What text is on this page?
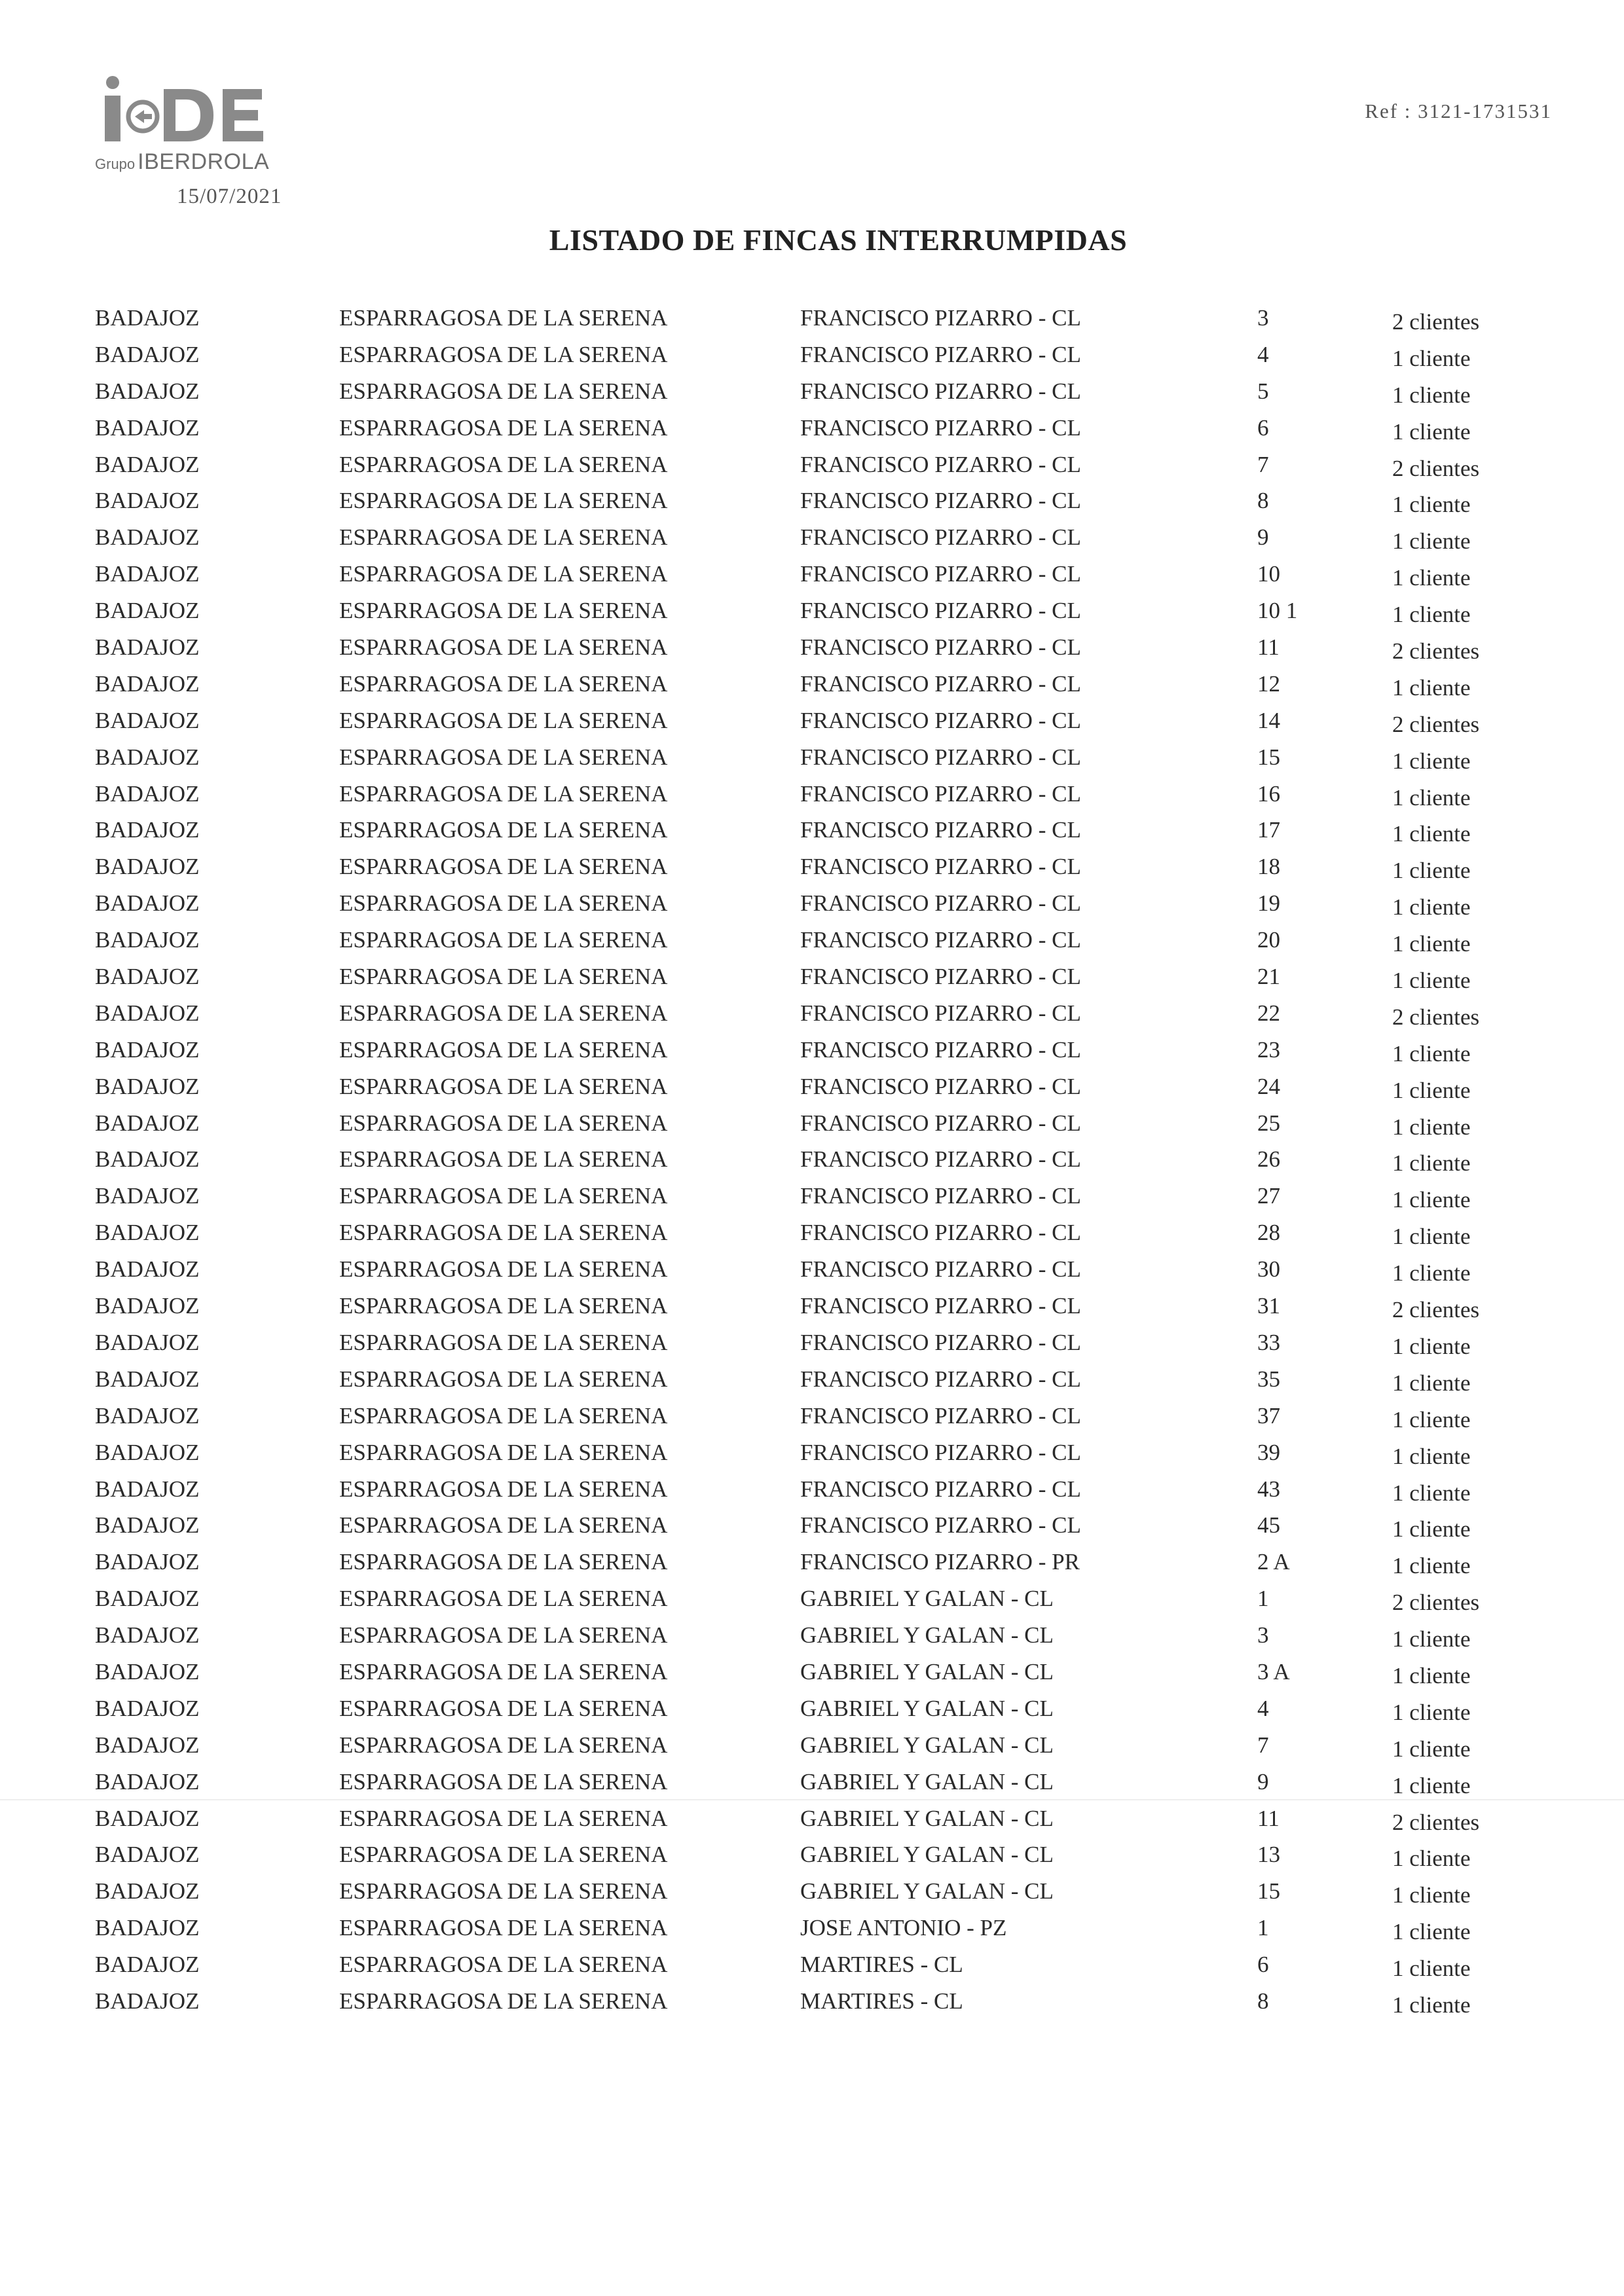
Grupo IBERDROLA
15/07/2021
Ref : 3121-1731531
LISTADO DE FINCAS INTERRUMPIDAS
BADAJOZ	ESPARRAGOSA DE LA SERENA	FRANCISCO PIZARRO - CL	3	2 clientes
BADAJOZ	ESPARRAGOSA DE LA SERENA	FRANCISCO PIZARRO - CL	4	1 cliente
BADAJOZ	ESPARRAGOSA DE LA SERENA	FRANCISCO PIZARRO - CL	5	1 cliente
BADAJOZ	ESPARRAGOSA DE LA SERENA	FRANCISCO PIZARRO - CL	6	1 cliente
BADAJOZ	ESPARRAGOSA DE LA SERENA	FRANCISCO PIZARRO - CL	7	2 clientes
BADAJOZ	ESPARRAGOSA DE LA SERENA	FRANCISCO PIZARRO - CL	8	1 cliente
BADAJOZ	ESPARRAGOSA DE LA SERENA	FRANCISCO PIZARRO - CL	9	1 cliente
BADAJOZ	ESPARRAGOSA DE LA SERENA	FRANCISCO PIZARRO - CL	10	1 cliente
BADAJOZ	ESPARRAGOSA DE LA SERENA	FRANCISCO PIZARRO - CL	10 1	1 cliente
BADAJOZ	ESPARRAGOSA DE LA SERENA	FRANCISCO PIZARRO - CL	11	2 clientes
BADAJOZ	ESPARRAGOSA DE LA SERENA	FRANCISCO PIZARRO - CL	12	1 cliente
BADAJOZ	ESPARRAGOSA DE LA SERENA	FRANCISCO PIZARRO - CL	14	2 clientes
BADAJOZ	ESPARRAGOSA DE LA SERENA	FRANCISCO PIZARRO - CL	15	1 cliente
BADAJOZ	ESPARRAGOSA DE LA SERENA	FRANCISCO PIZARRO - CL	16	1 cliente
BADAJOZ	ESPARRAGOSA DE LA SERENA	FRANCISCO PIZARRO - CL	17	1 cliente
BADAJOZ	ESPARRAGOSA DE LA SERENA	FRANCISCO PIZARRO - CL	18	1 cliente
BADAJOZ	ESPARRAGOSA DE LA SERENA	FRANCISCO PIZARRO - CL	19	1 cliente
BADAJOZ	ESPARRAGOSA DE LA SERENA	FRANCISCO PIZARRO - CL	20	1 cliente
BADAJOZ	ESPARRAGOSA DE LA SERENA	FRANCISCO PIZARRO - CL	21	1 cliente
BADAJOZ	ESPARRAGOSA DE LA SERENA	FRANCISCO PIZARRO - CL	22	2 clientes
BADAJOZ	ESPARRAGOSA DE LA SERENA	FRANCISCO PIZARRO - CL	23	1 cliente
BADAJOZ	ESPARRAGOSA DE LA SERENA	FRANCISCO PIZARRO - CL	24	1 cliente
BADAJOZ	ESPARRAGOSA DE LA SERENA	FRANCISCO PIZARRO - CL	25	1 cliente
BADAJOZ	ESPARRAGOSA DE LA SERENA	FRANCISCO PIZARRO - CL	26	1 cliente
BADAJOZ	ESPARRAGOSA DE LA SERENA	FRANCISCO PIZARRO - CL	27	1 cliente
BADAJOZ	ESPARRAGOSA DE LA SERENA	FRANCISCO PIZARRO - CL	28	1 cliente
BADAJOZ	ESPARRAGOSA DE LA SERENA	FRANCISCO PIZARRO - CL	30	1 cliente
BADAJOZ	ESPARRAGOSA DE LA SERENA	FRANCISCO PIZARRO - CL	31	2 clientes
BADAJOZ	ESPARRAGOSA DE LA SERENA	FRANCISCO PIZARRO - CL	33	1 cliente
BADAJOZ	ESPARRAGOSA DE LA SERENA	FRANCISCO PIZARRO - CL	35	1 cliente
BADAJOZ	ESPARRAGOSA DE LA SERENA	FRANCISCO PIZARRO - CL	37	1 cliente
BADAJOZ	ESPARRAGOSA DE LA SERENA	FRANCISCO PIZARRO - CL	39	1 cliente
BADAJOZ	ESPARRAGOSA DE LA SERENA	FRANCISCO PIZARRO - CL	43	1 cliente
BADAJOZ	ESPARRAGOSA DE LA SERENA	FRANCISCO PIZARRO - CL	45	1 cliente
BADAJOZ	ESPARRAGOSA DE LA SERENA	FRANCISCO PIZARRO - PR	2 A	1 cliente
BADAJOZ	ESPARRAGOSA DE LA SERENA	GABRIEL Y GALAN - CL	1	2 clientes
BADAJOZ	ESPARRAGOSA DE LA SERENA	GABRIEL Y GALAN - CL	3	1 cliente
BADAJOZ	ESPARRAGOSA DE LA SERENA	GABRIEL Y GALAN - CL	3 A	1 cliente
BADAJOZ	ESPARRAGOSA DE LA SERENA	GABRIEL Y GALAN - CL	4	1 cliente
BADAJOZ	ESPARRAGOSA DE LA SERENA	GABRIEL Y GALAN - CL	7	1 cliente
BADAJOZ	ESPARRAGOSA DE LA SERENA	GABRIEL Y GALAN - CL	9	1 cliente
BADAJOZ	ESPARRAGOSA DE LA SERENA	GABRIEL Y GALAN - CL	11	2 clientes
BADAJOZ	ESPARRAGOSA DE LA SERENA	GABRIEL Y GALAN - CL	13	1 cliente
BADAJOZ	ESPARRAGOSA DE LA SERENA	GABRIEL Y GALAN - CL	15	1 cliente
BADAJOZ	ESPARRAGOSA DE LA SERENA	JOSE ANTONIO - PZ	1	1 cliente
BADAJOZ	ESPARRAGOSA DE LA SERENA	MARTIRES - CL	6	1 cliente
BADAJOZ	ESPARRAGOSA DE LA SERENA	MARTIRES - CL	8	1 cliente
